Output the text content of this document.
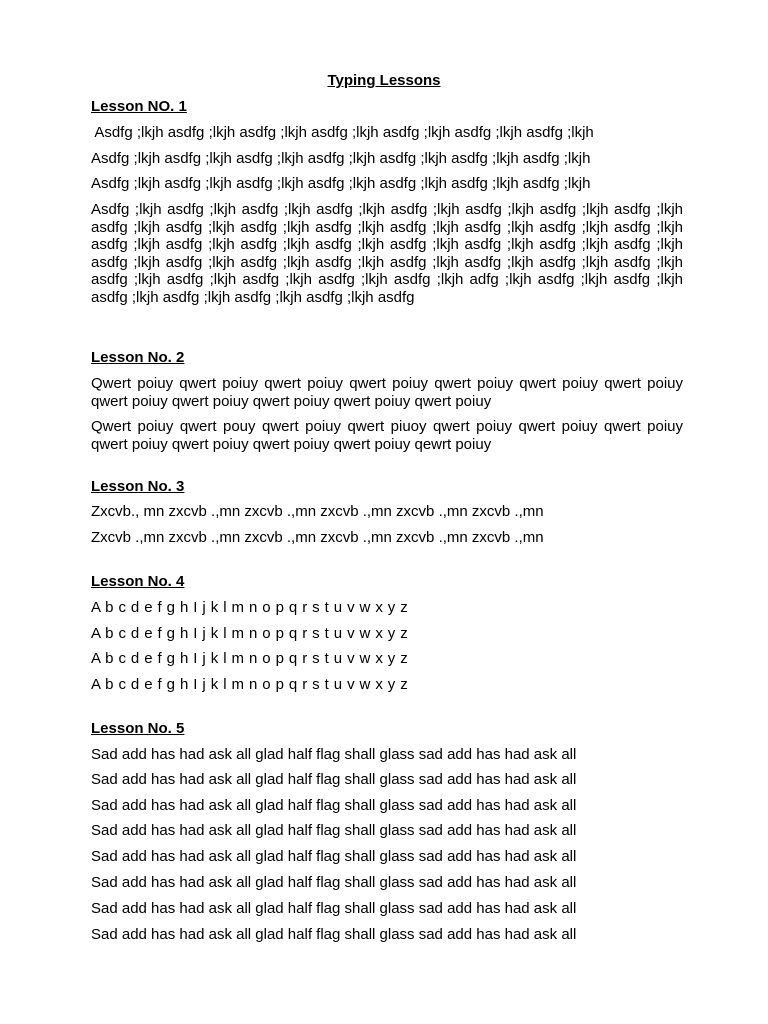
Typing Lessons
Lesson NO. 1
Asdfg ;lkjh asdfg ;lkjh asdfg ;lkjh asdfg ;lkjh asdfg ;lkjh asdfg ;lkjh asdfg ;lkjh
Asdfg ;lkjh asdfg ;lkjh asdfg ;lkjh asdfg ;lkjh asdfg ;lkjh asdfg ;lkjh asdfg ;lkjh
Asdfg ;lkjh asdfg ;lkjh asdfg ;lkjh asdfg ;lkjh asdfg ;lkjh asdfg ;lkjh asdfg ;lkjh
Asdfg ;lkjh asdfg ;lkjh asdfg ;lkjh asdfg ;lkjh asdfg ;lkjh asdfg ;lkjh asdfg ;lkjh asdfg ;lkjh asdfg ;lkjh asdfg ;lkjh asdfg ;lkjh asdfg ;lkjh asdfg ;lkjh asdfg ;lkjh asdfg ;lkjh asdfg ;lkjh asdfg ;lkjh asdfg ;lkjh asdfg ;lkjh asdfg ;lkjh asdfg ;lkjh asdfg ;lkjh asdfg ;lkjh asdfg ;lkjh asdfg ;lkjh asdfg ;lkjh asdfg ;lkjh asdfg ;lkjh asdfg ;lkjh asdfg ;lkjh asdfg ;lkjh asdfg ;lkjh asdfg ;lkjh asdfg ;lkjh asdfg ;lkjh asdfg ;lkjh asdfg ;lkjh adfg ;lkjh asdfg ;lkjh asdfg ;lkjh asdfg ;lkjh asdfg ;lkjh asdfg ;lkjh asdfg ;lkjh asdfg
Lesson No. 2
Qwert poiuy qwert poiuy qwert poiuy qwert poiuy qwert poiuy qwert poiuy qwert poiuy qwert poiuy qwert poiuy qwert poiuy qwert poiuy qwert poiuy
Qwert poiuy qwert pouy qwert poiuy qwert piuoy qwert poiuy qwert poiuy qwert poiuy qwert poiuy qwert poiuy qwert poiuy qwert poiuy qewrt poiuy
Lesson No. 3
Zxcvb., mn zxcvb .,mn zxcvb .,mn zxcvb .,mn zxcvb .,mn zxcvb .,mn
Zxcvb .,mn zxcvb .,mn zxcvb .,mn zxcvb .,mn zxcvb .,mn zxcvb .,mn
Lesson No. 4
A b c d e f g h I j k l m n o p q r s t u v w x y z
A b c d e f g h I j k l m n o p q r s t u v w x y z
A b c d e f g h I j k l m n o p q r s t u v w x y z
A b c d e f g h I j k l m n o p q r s t u v w x y z
Lesson No. 5
Sad add has had ask all glad half flag shall glass sad add has had ask all
Sad add has had ask all glad half flag shall glass sad add has had ask all
Sad add has had ask all glad half flag shall glass sad add has had ask all
Sad add has had ask all glad half flag shall glass sad add has had ask all
Sad add has had ask all glad half flag shall glass sad add has had ask all
Sad add has had ask all glad half flag shall glass sad add has had ask all
Sad add has had ask all glad half flag shall glass sad add has had ask all
Sad add has had ask all glad half flag shall glass sad add has had ask all
